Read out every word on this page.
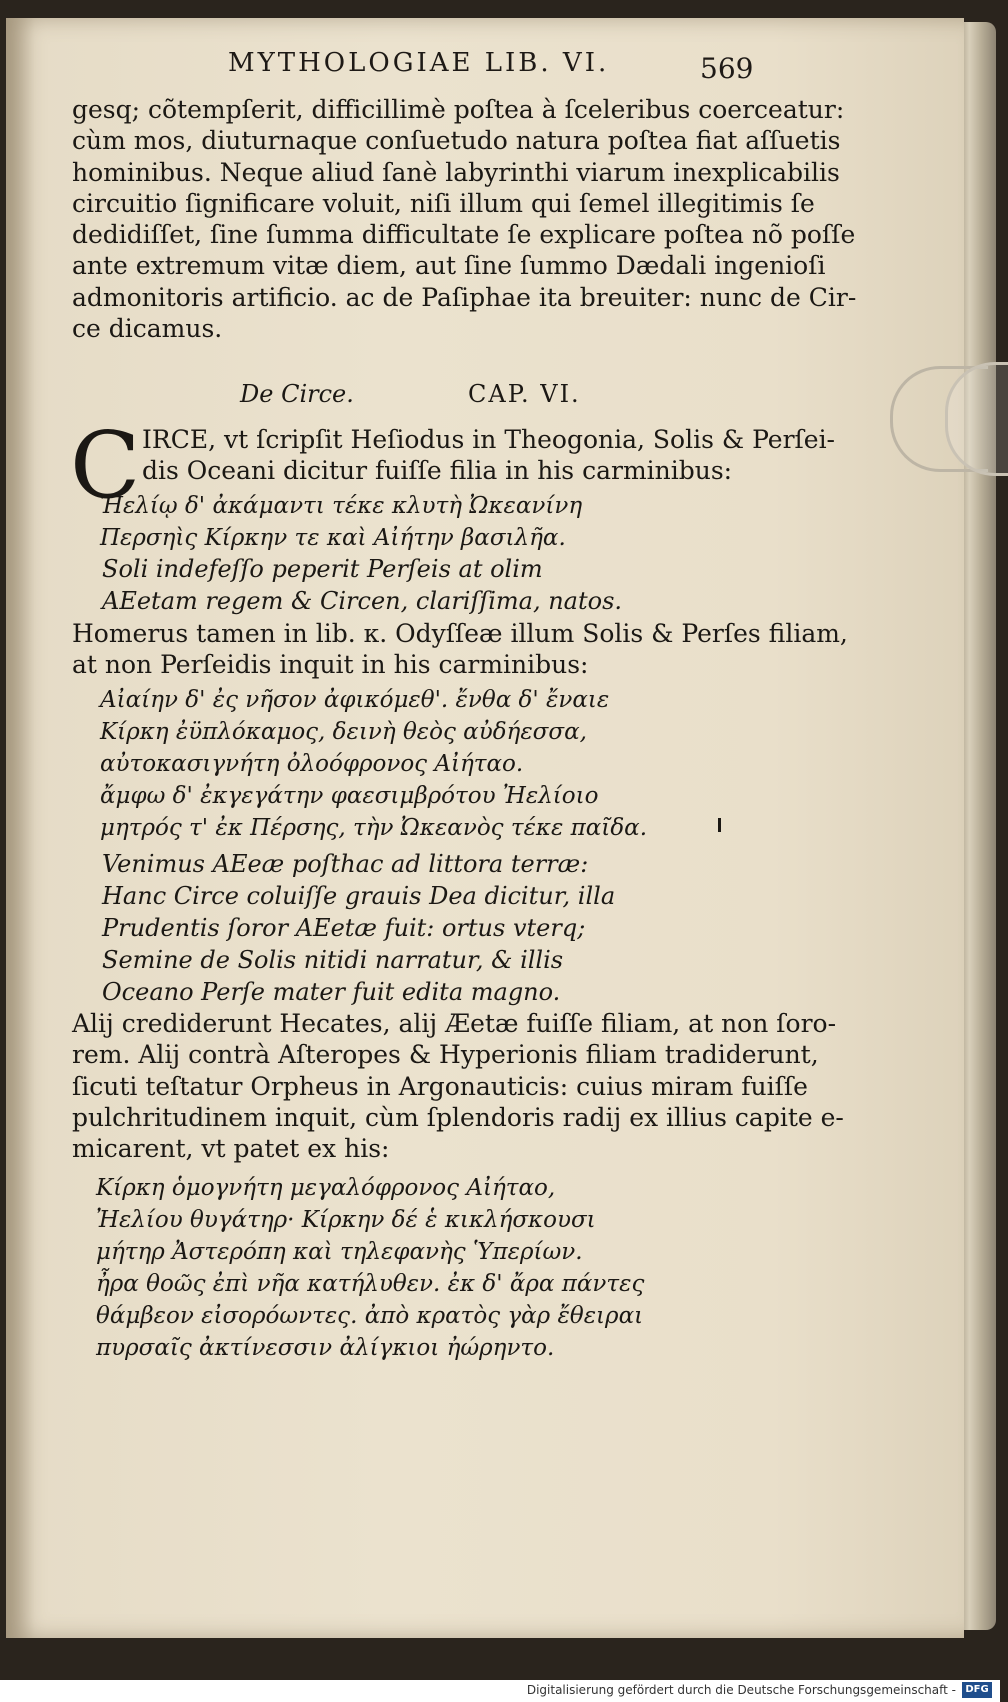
MYTHOLOGIAE LIB. VI.	569
gesq; cõtempſerit, difficillimè poſtea à ſceleribus coerceatur:
cùm mos, diuturnaque conſuetudo natura poſtea fiat aſſuetis
hominibus. Neque aliud ſanè labyrinthi viarum inexplicabilis
circuitio ſignificare voluit, niſi illum qui ſemel illegitimis ſe
dedidiſſet, ſine ſumma difficultate ſe explicare poſtea nõ poſſe
ante extremum vitæ diem, aut ſine ſummo Dædali ingenioſi
admonitoris artificio. ac de Paſiphae ita breuiter: nunc de Cir-
ce dicamus.
De Circe.	CAP. VI.
C IRCE, vt ſcripſit Heſiodus in Theogonia, Solis & Perſei-
dis Oceani dicitur fuiſſe filia in his carminibus:
Ἠελίῳ δ' ἀκάμαντι τέκε κλυτὴ Ὠκεανίνη
Περσηὶς Κίρκην τε καὶ Αἰήτην βασιλῆα.
Soli indefeſſo peperit Perſeis at olim
AEetam regem & Circen, clariſſima, natos.
Homerus tamen in lib. κ. Odyſſeæ illum Solis & Perſes filiam,
at non Perſeidis inquit in his carminibus:
Αἰαίην δ' ἐς νῆσον ἀφικόμεθ'. ἔνθα δ' ἔναιε
Κίρκη ἐϋπλόκαμος, δεινὴ θεὸς αὐδήεσσα,
αὐτοκασιγνήτη ὀλοόφρονος Αἰήταο.
ἄμφω δ' ἐκγεγάτην φαεσιμβρότου Ἠελίοιο
μητρός τ' ἐκ Πέρσης, τὴν Ὠκεανὸς τέκε παῖδα.
Venimus AEeæ poſthac ad littora terræ:
Hanc Circe coluiſſe grauis Dea dicitur, illa
Prudentis ſoror AEetæ fuit: ortus vterq;
Semine de Solis nitidi narratur, & illis
Oceano Perſe mater fuit edita magno.
Alij crediderunt Hecates, alij Æetæ fuiſſe filiam, at non ſoro-
rem. Alij contrà Aſteropes & Hyperionis filiam tradiderunt,
ſicuti teſtatur Orpheus in Argonauticis: cuius miram fuiſſe
pulchritudinem inquit, cùm ſplendoris radij ex illius capite e-
micarent, vt patet ex his:
Κίρκη ὁμογνήτη μεγαλόφρονος Αἰήταο,
Ἠελίου θυγάτηρ· Κίρκην δέ ἑ κικλήσκουσι
μήτηρ Ἀστερόπη καὶ τηλεφανὴς Ὑπερίων.
ἦρα θοῶς ἐπὶ νῆα κατήλυθεν. ἐκ δ' ἄρα πάντες
θάμβεον εἰσορόωντες. ἀπὸ κρατὸς γὰρ ἔθειραι
πυρσαῖς ἀκτίνεσσιν ἀλίγκιοι ἠώρηντο.
Digitalisierung gefördert durch die Deutsche Forschungsgemeinschaft - DFG
